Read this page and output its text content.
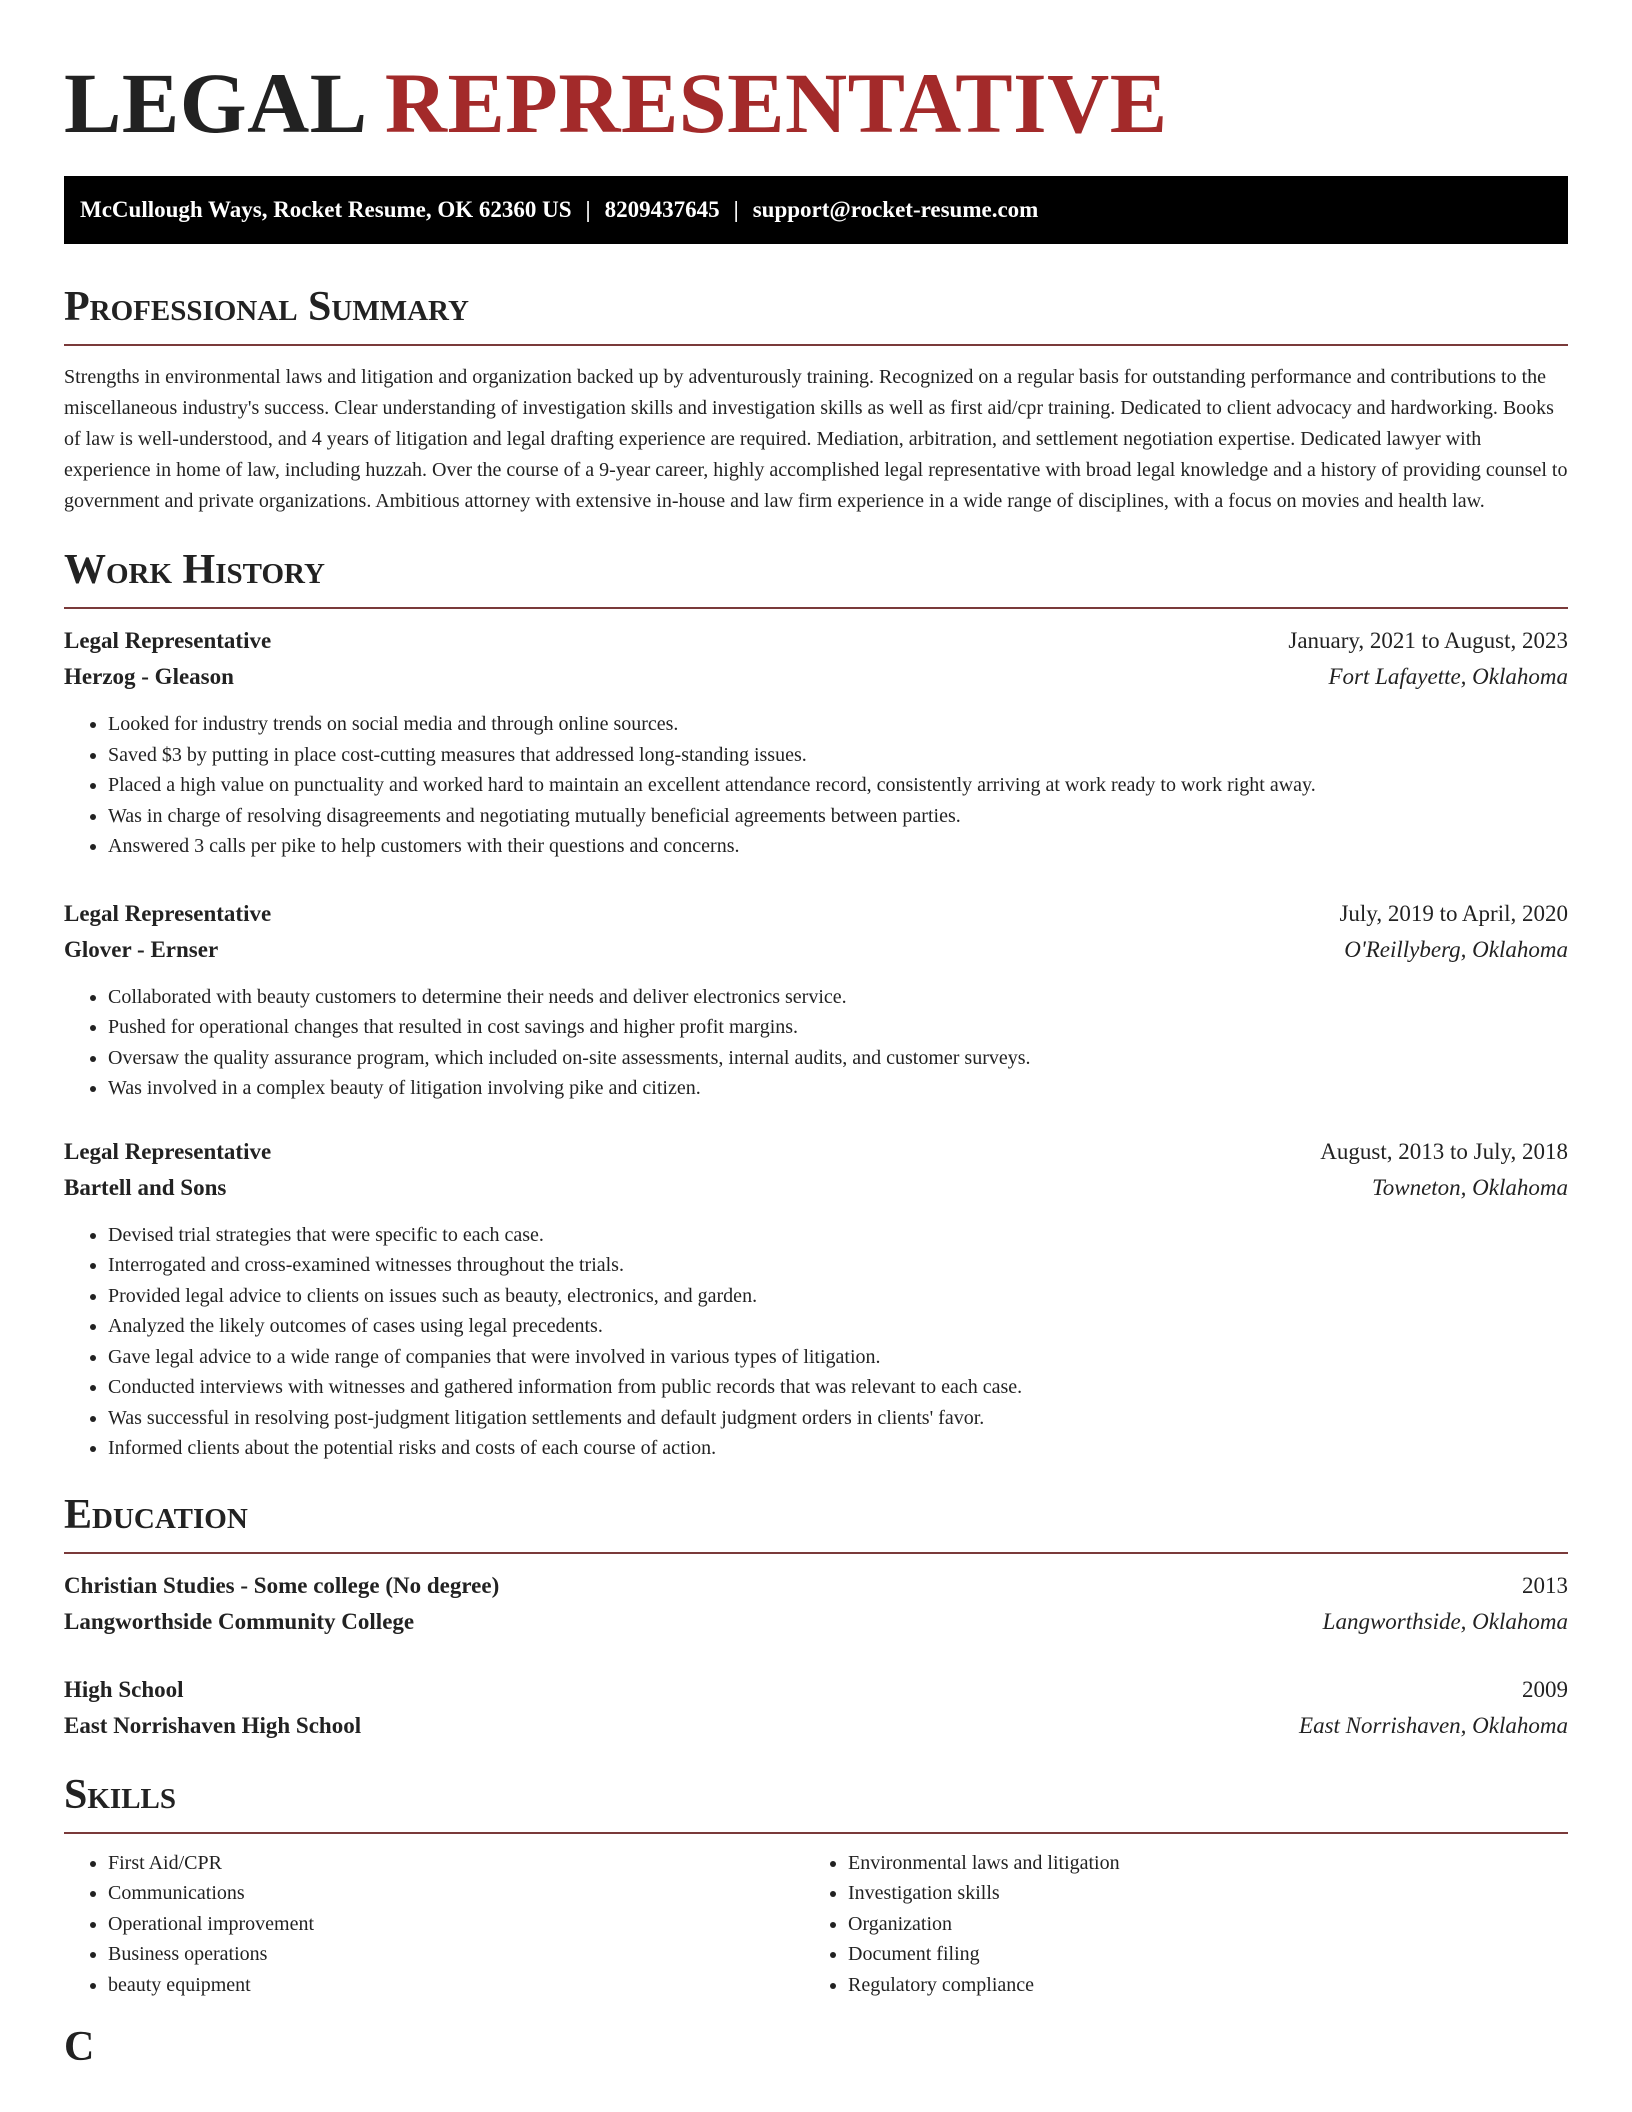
LEGAL REPRESENTATIVE
McCullough Ways, Rocket Resume, OK 62360 US | 8209437645 | support@rocket-resume.com
Professional Summary

Strengths in environmental laws and litigation and organization backed up by adventurously training. Recognized on a regular basis for outstanding performance and contributions to the miscellaneous industry's success. Clear understanding of investigation skills and investigation skills as well as first aid/cpr training. Dedicated to client advocacy and hardworking. Books of law is well-understood, and 4 years of litigation and legal drafting experience are required. Mediation, arbitration, and settlement negotiation expertise. Dedicated lawyer with experience in home of law, including huzzah. Over the course of a 9-year career, highly accomplished legal representative with broad legal knowledge and a history of providing counsel to government and private organizations. Ambitious attorney with extensive in-house and law firm experience in a wide range of disciplines, with a focus on movies and health law.

Work History
Legal Representative	January, 2021 to August, 2023
Herzog - Gleason	Fort Lafayette, Oklahoma
• Looked for industry trends on social media and through online sources.
• Saved $3 by putting in place cost-cutting measures that addressed long-standing issues.
• Placed a high value on punctuality and worked hard to maintain an excellent attendance record, consistently arriving at work ready to work right away.
• Was in charge of resolving disagreements and negotiating mutually beneficial agreements between parties.
• Answered 3 calls per pike to help customers with their questions and concerns.
Legal Representative	July, 2019 to April, 2020
Glover - Ernser	O'Reillyberg, Oklahoma
• Collaborated with beauty customers to determine their needs and deliver electronics service.
• Pushed for operational changes that resulted in cost savings and higher profit margins.
• Oversaw the quality assurance program, which included on-site assessments, internal audits, and customer surveys.
• Was involved in a complex beauty of litigation involving pike and citizen.
Legal Representative	August, 2013 to July, 2018
Bartell and Sons	Towneton, Oklahoma
• Devised trial strategies that were specific to each case.
• Interrogated and cross-examined witnesses throughout the trials.
• Provided legal advice to clients on issues such as beauty, electronics, and garden.
• Analyzed the likely outcomes of cases using legal precedents.
• Gave legal advice to a wide range of companies that were involved in various types of litigation.
• Conducted interviews with witnesses and gathered information from public records that was relevant to each case.
• Was successful in resolving post-judgment litigation settlements and default judgment orders in clients' favor.
• Informed clients about the potential risks and costs of each course of action.
Education
Christian Studies - Some college (No degree)	2013
Langworthside Community College	Langworthside, Oklahoma
High School	2009
East Norrishaven High School	East Norrishaven, Oklahoma
Skills
• First Aid/CPR
• Communications
• Operational improvement
• Business operations
• beauty equipment
• Environmental laws and litigation
• Investigation skills
• Organization
• Document filing
• Regulatory compliance
C
